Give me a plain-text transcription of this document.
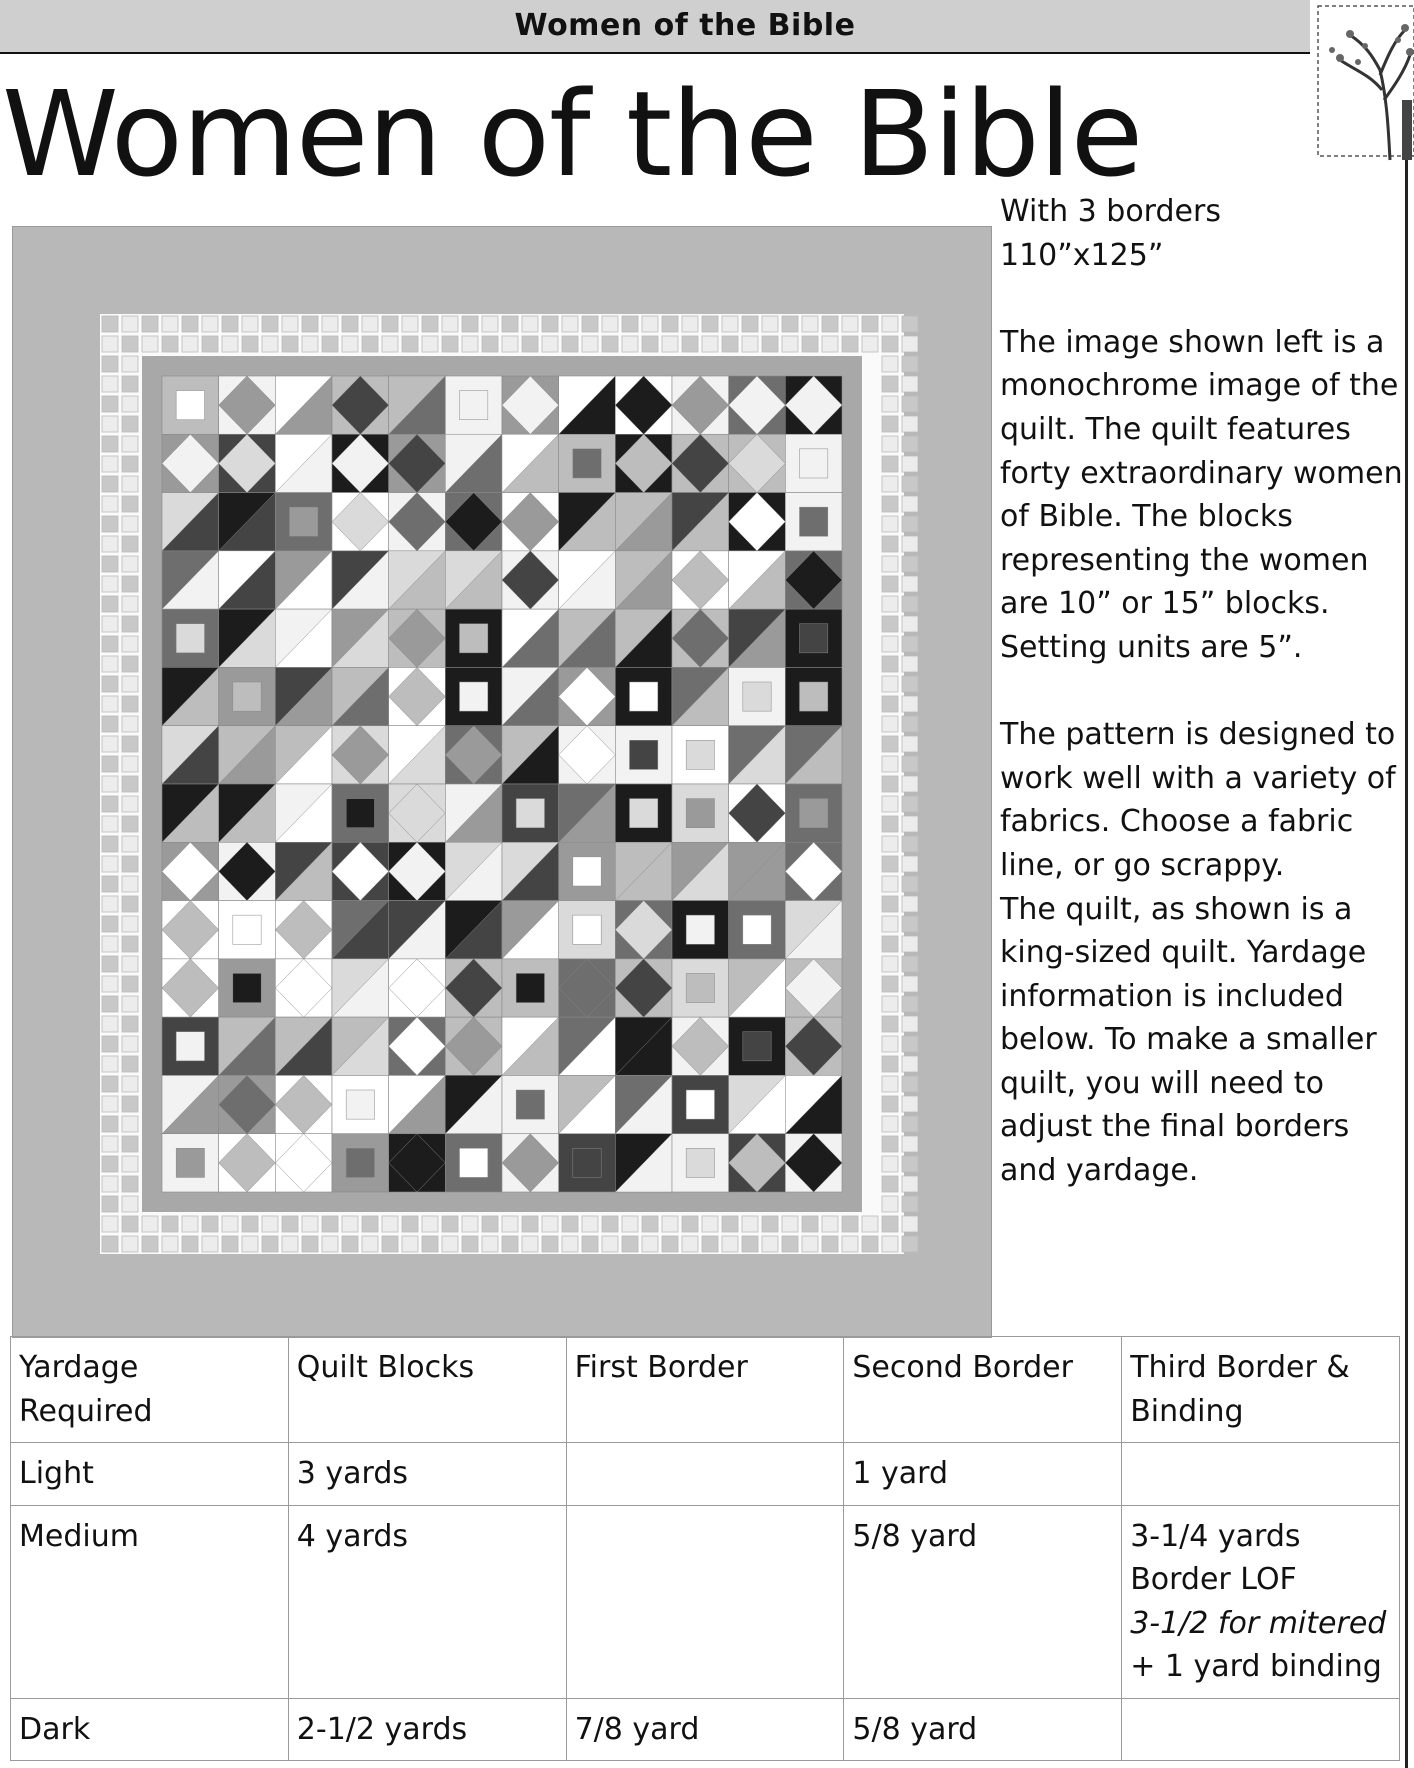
Women of the Bible
Women of the Bible

With 3 borders

110”x125”

The image shown left is a monochrome image of the quilt. The quilt features forty extraordinary women of Bible. The blocks representing the women are 10” or 15” blocks. Setting units are 5”.

The pattern is designed to work well with a variety of fabrics. Choose a fabric line, or go scrappy.

The quilt, as shown is a king-sized quilt. Yardage information is included below. To make a smaller quilt, you will need to adjust the final borders and yardage.

Yardage Required	Quilt Blocks	First Border	Second Border	Third Border & Binding
Light	3 yards		1 yard	
Medium	4 yards		5/8 yard	3-1/4 yards
Border LOF
3-1/2 for mitered
+ 1 yard binding

Dark	2-1/2 yards	7/8 yard	5/8 yard	
